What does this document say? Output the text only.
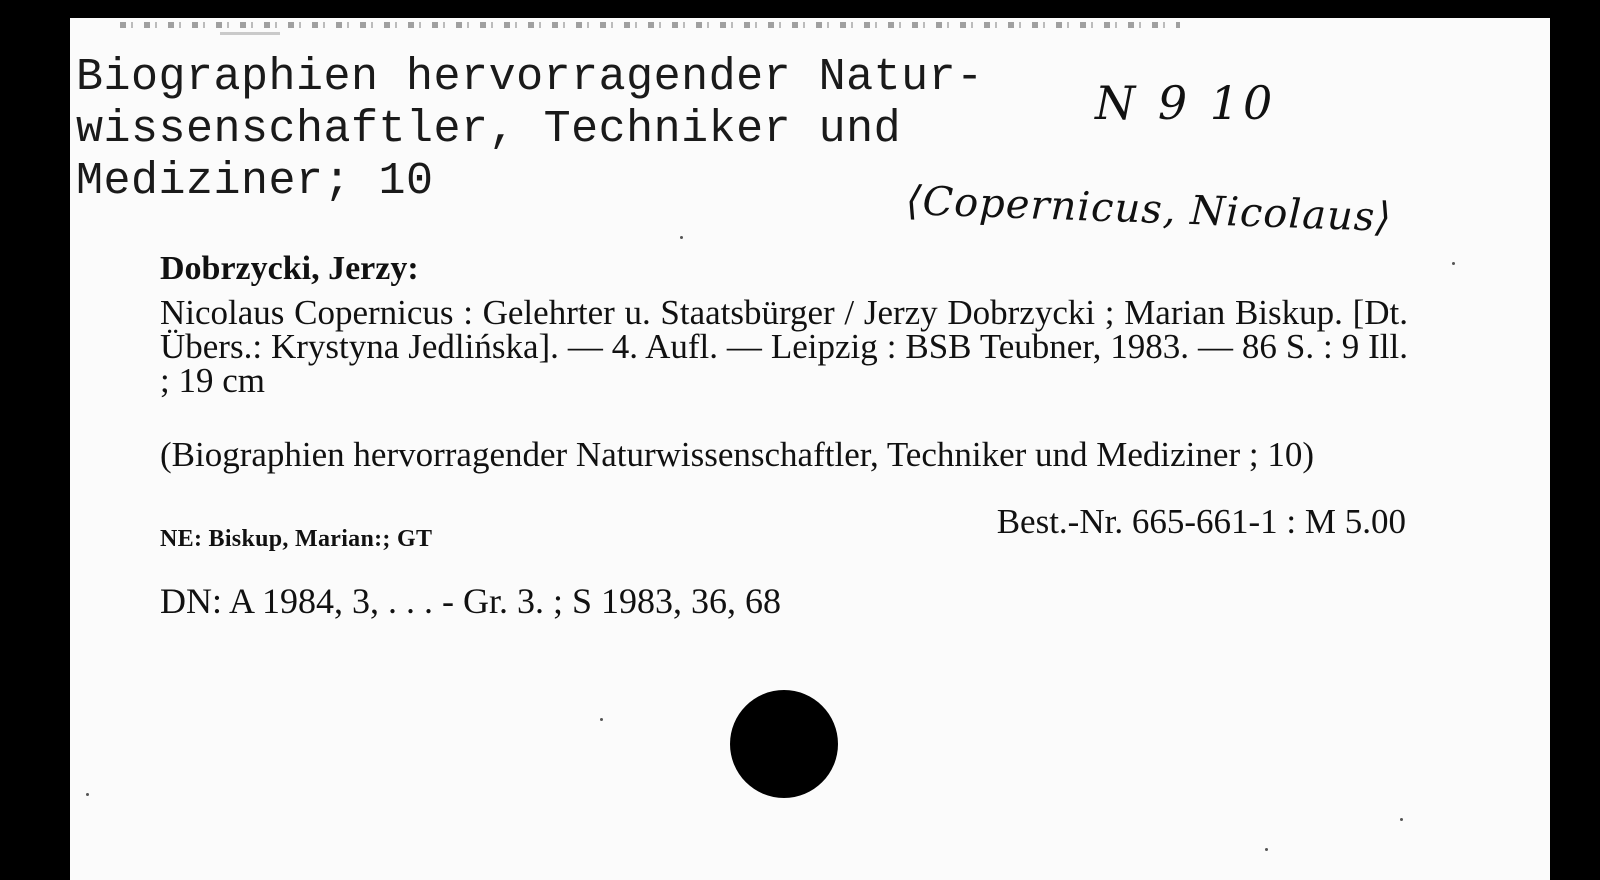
Biographien hervorragender Natur-
wissenschaftler, Techniker und
Mediziner; 10
N 9 10
⟨Copernicus, Nicolaus⟩
Dobrzycki, Jerzy:
Nicolaus Copernicus : Gelehrter u. Staatsbürger / Jerzy Dobrzycki ; Marian Biskup. [Dt. Übers.: Krystyna Jedlińska]. — 4. Aufl. — Leipzig : BSB Teubner, 1983. — 86 S. : 9 Ill. ; 19 cm
(Biographien hervorragender Naturwissenschaftler, Techniker und Mediziner ; 10)
Best.-Nr. 665-661-1 : M 5.00
NE: Biskup, Marian:; GT
DN: A 1984, 3, . . . - Gr. 3. ; S 1983, 36, 68
